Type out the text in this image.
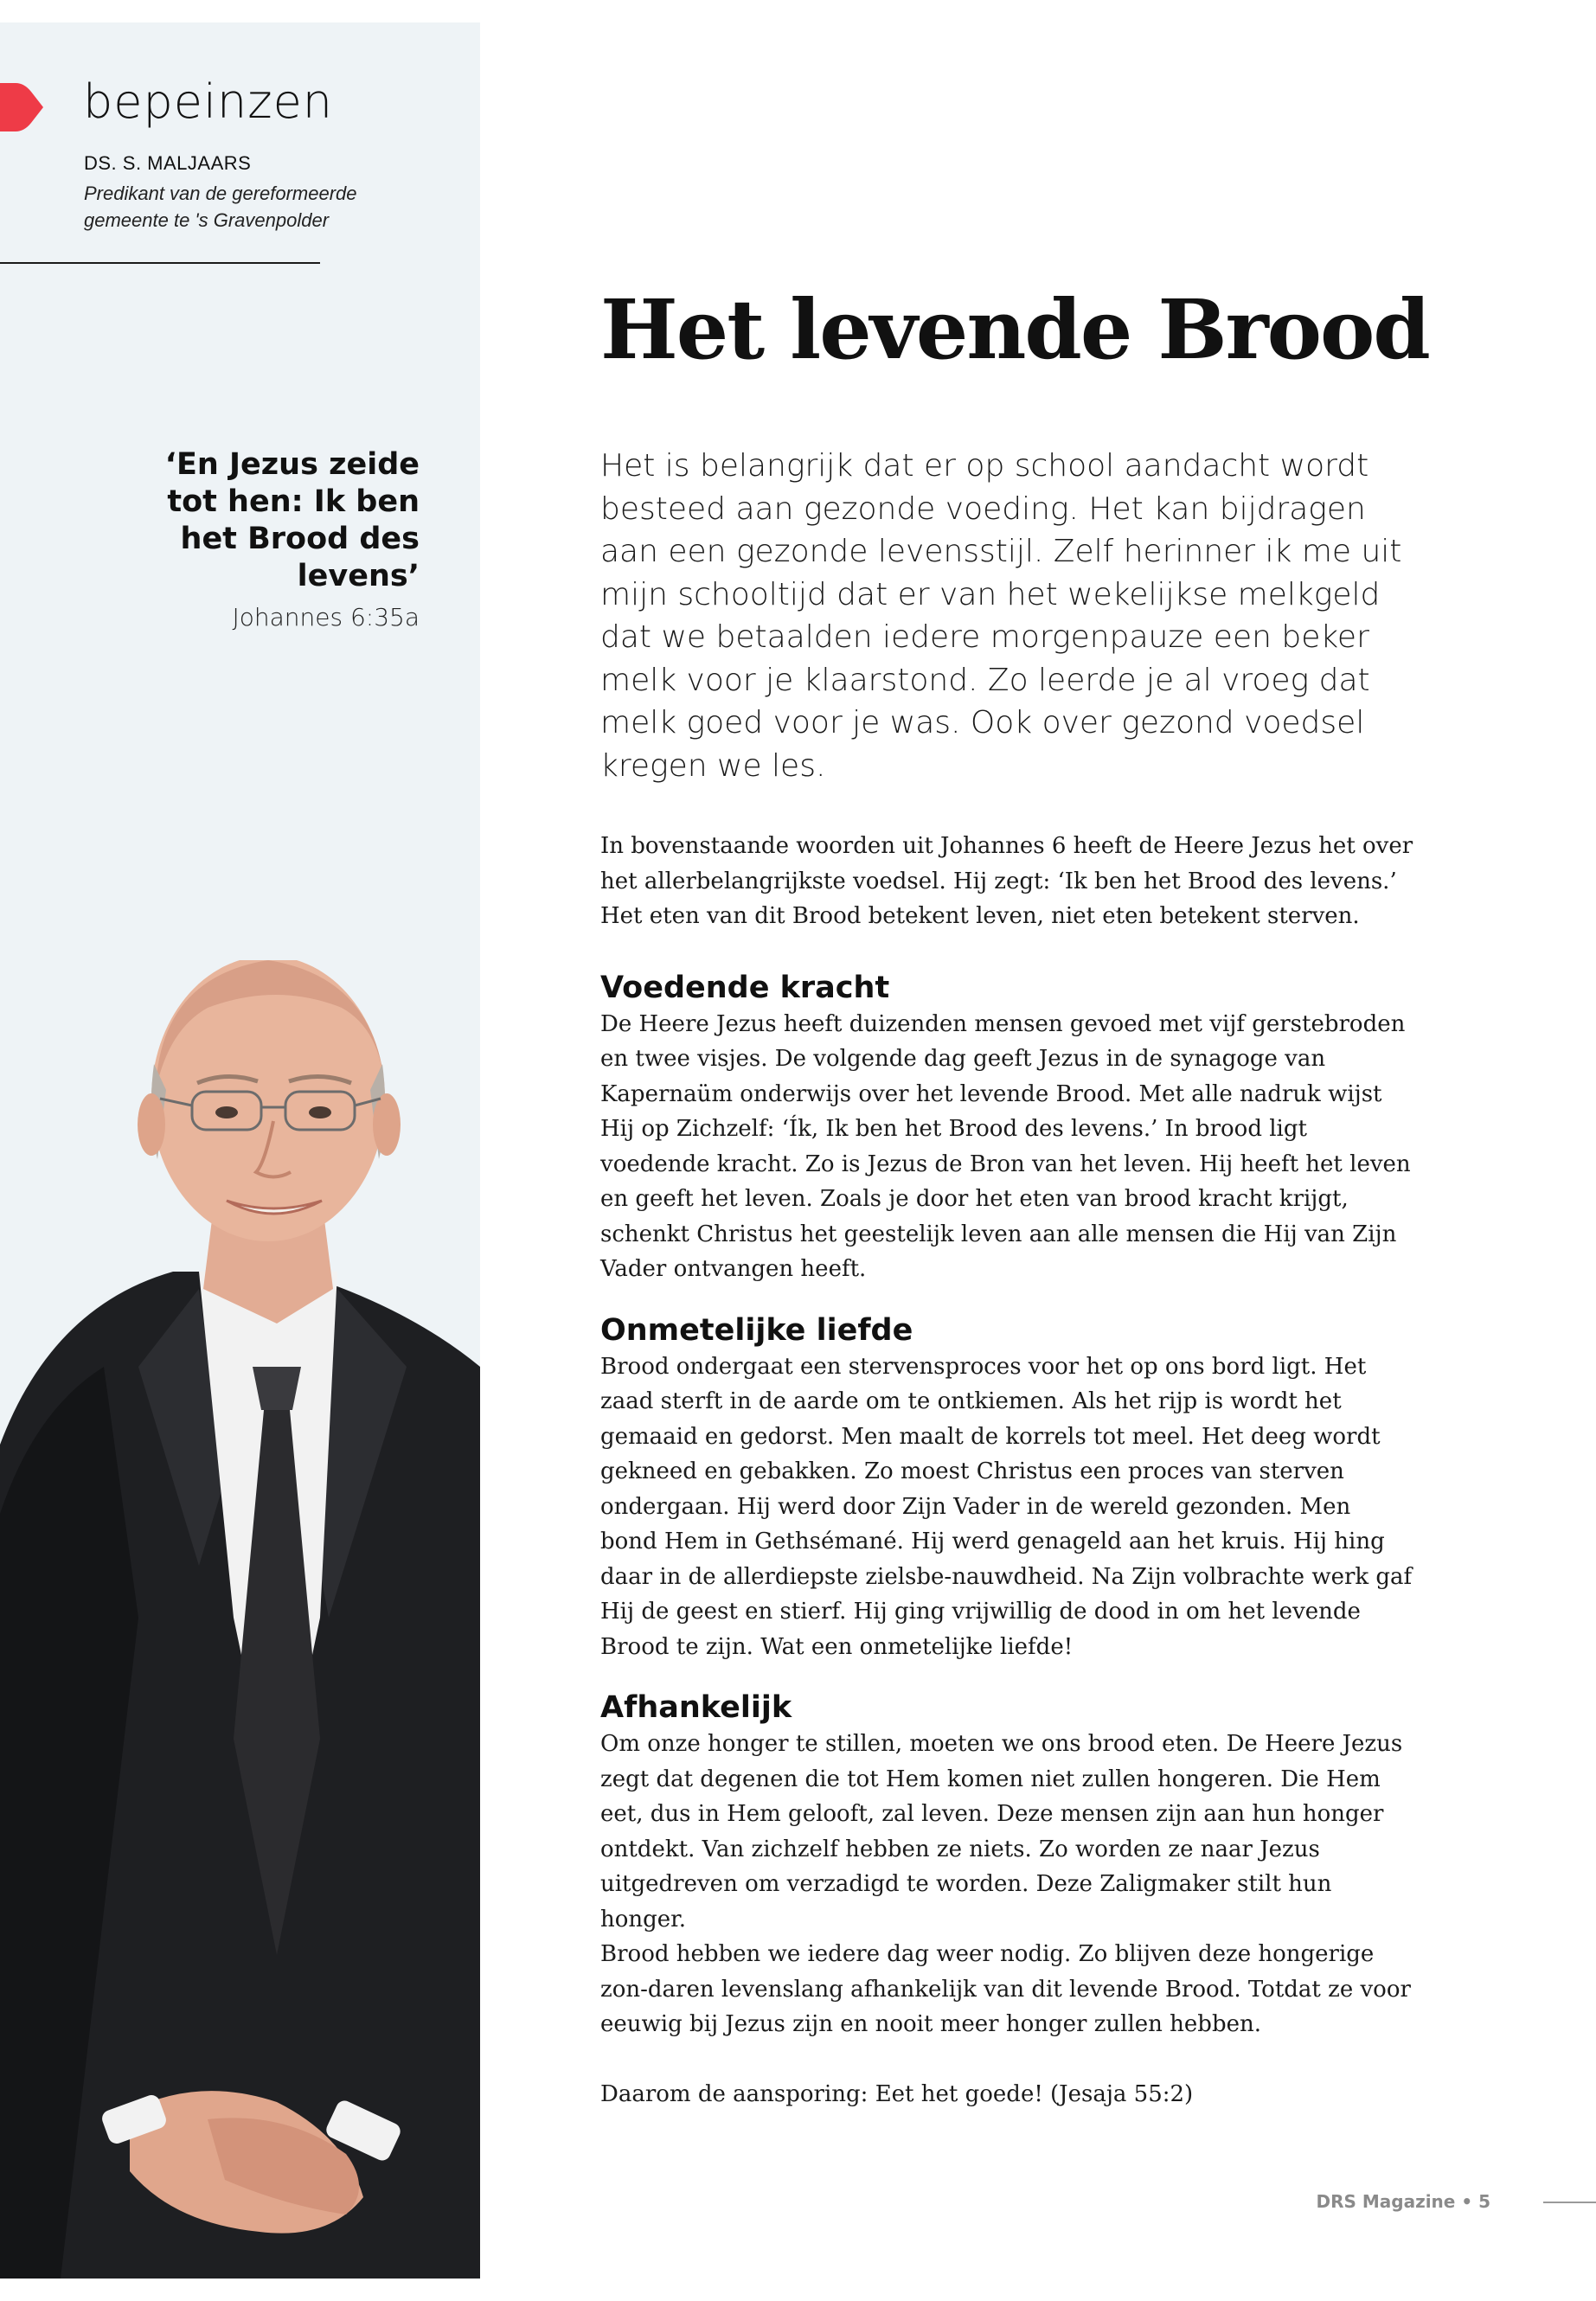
bepeinzen
DS. S. MALJAARS
Predikant van de gereformeerde gemeente te 's Gravenpolder
‘En Jezus zeide tot hen: Ik ben het Brood des levens’
Johannes 6:35a
Het levende Brood

Het is belangrijk dat er op school aandacht wordt besteed aan gezonde voeding. Het kan bijdragen aan een gezonde levensstijl. Zelf herinner ik me uit mijn schooltijd dat er van het wekelijkse melkgeld dat we betaalden iedere morgenpauze een beker melk voor je klaarstond. Zo leerde je al vroeg dat melk goed voor je was. Ook over gezond voedsel kregen we les.

In bovenstaande woorden uit Johannes 6 heeft de Heere Jezus het over het allerbelangrijkste voedsel. Hij zegt: ‘Ik ben het Brood des levens.’ Het eten van dit Brood betekent leven, niet eten betekent sterven.

Voedende kracht

De Heere Jezus heeft duizenden mensen gevoed met vijf gerstebroden en twee visjes. De volgende dag geeft Jezus in de synagoge van Kapernaüm onderwijs over het levende Brood. Met alle nadruk wijst Hij op Zichzelf: ‘Ík, Ik ben het Brood des levens.’ In brood ligt voedende kracht. Zo is Jezus de Bron van het leven. Hij heeft het leven en geeft het leven. Zoals je door het eten van brood kracht krijgt, schenkt Christus het geestelijk leven aan alle mensen die Hij van Zijn Vader ontvangen heeft.

Onmetelijke liefde

Brood ondergaat een stervensproces voor het op ons bord ligt. Het zaad sterft in de aarde om te ontkiemen. Als het rijp is wordt het gemaaid en gedorst. Men maalt de korrels tot meel. Het deeg wordt gekneed en gebakken. Zo moest Christus een proces van sterven ondergaan. Hij werd door Zijn Vader in de wereld gezonden. Men bond Hem in Gethsémané. Hij werd genageld aan het kruis. Hij hing daar in de allerdiepste zielsbe-nauwdheid. Na Zijn volbrachte werk gaf Hij de geest en stierf. Hij ging vrijwillig de dood in om het levende Brood te zijn. Wat een onmetelijke liefde!

Afhankelijk

Om onze honger te stillen, moeten we ons brood eten. De Heere Jezus zegt dat degenen die tot Hem komen niet zullen hongeren. Die Hem eet, dus in Hem gelooft, zal leven. Deze mensen zijn aan hun honger ontdekt. Van zichzelf hebben ze niets. Zo worden ze naar Jezus uitgedreven om verzadigd te worden. Deze Zaligmaker stilt hun honger.

Brood hebben we iedere dag weer nodig. Zo blijven deze hongerige zon-daren levenslang afhankelijk van dit levende Brood. Totdat ze voor eeuwig bij Jezus zijn en nooit meer honger zullen hebben.

Daarom de aansporing: Eet het goede! (Jesaja 55:2)

DRS Magazine • 5
